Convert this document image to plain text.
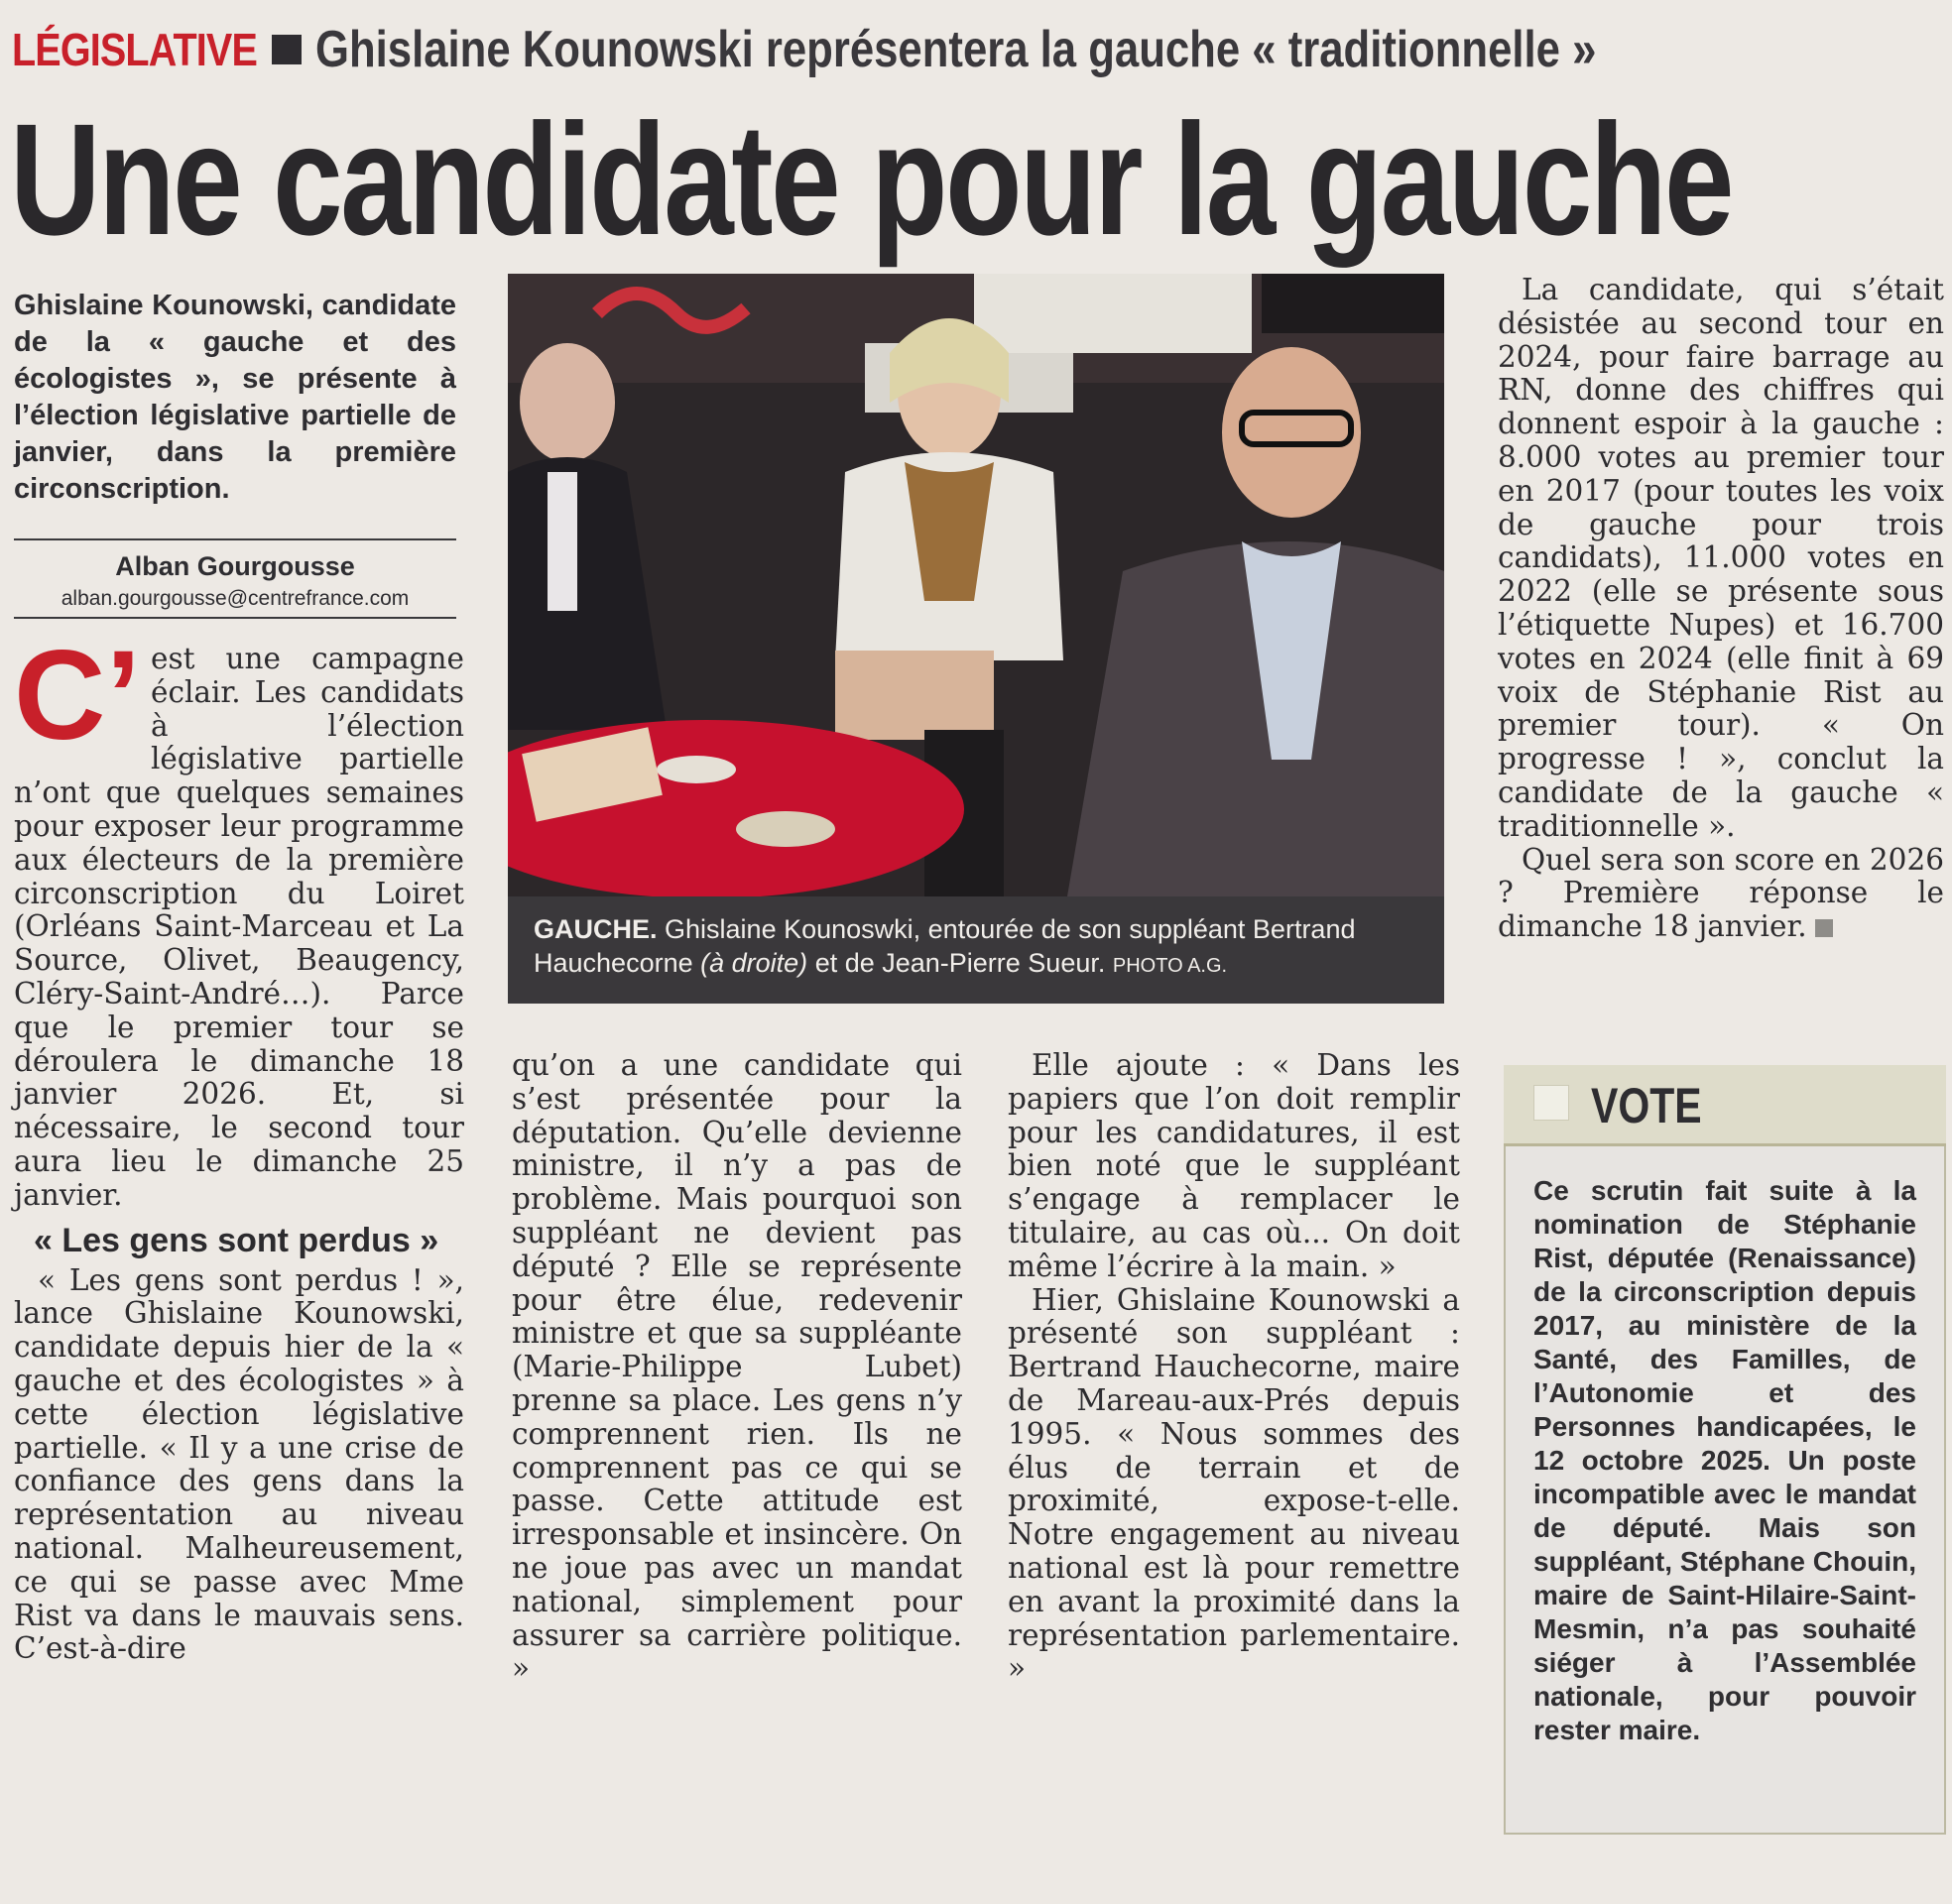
LÉGISLATIVE Ghislaine Kounowski représentera la gauche « traditionnelle »
Une candidate pour la gauche
Ghislaine Kounowski, candidate de la « gauche et des écologistes », se présente à l’élection législative partielle de janvier, dans la première circonscription.
Alban Gourgousse
alban.gourgousse@centrefrance.com
GAUCHE. Ghislaine Kounoswki, entourée de son suppléant Bertrand Hauchecorne (à droite) et de Jean-Pierre Sueur. PHOTO A.G.
C’ est une campagne éclair. Les candidats à l’élection législative partielle n’ont que quelques semaines pour exposer leur programme aux électeurs de la première circonscription du Loiret (Orléans Saint-Marceau et La Source, Olivet, Beaugency, Cléry-Saint-André…). Parce que le premier tour se déroulera le dimanche 18 janvier 2026. Et, si nécessaire, le second tour aura lieu le dimanche 25 janvier.

« Les gens sont perdus »

« Les gens sont perdus ! », lance Ghislaine Kounowski, candidate depuis hier de la « gauche et des écologistes » à cette élection législative partielle. « Il y a une crise de confiance des gens dans la représentation au niveau national. Malheureusement, ce qui se passe avec Mme Rist va dans le mauvais sens. C’est-à-dire

qu’on a une candidate qui s’est présentée pour la députation. Qu’elle devienne ministre, il n’y a pas de problème. Mais pourquoi son suppléant ne devient pas député ? Elle se représente pour être élue, redevenir ministre et que sa suppléante (Marie-Philippe Lubet) prenne sa place. Les gens n’y comprennent rien. Ils ne comprennent pas ce qui se passe. Cette attitude est irresponsable et insincère. On ne joue pas avec un mandat national, simplement pour assurer sa carrière politique. »

Elle ajoute : « Dans les papiers que l’on doit remplir pour les candidatures, il est bien noté que le suppléant s’engage à remplacer le titulaire, au cas où... On doit même l’écrire à la main. »

Hier, Ghislaine Kounowski a présenté son suppléant : Bertrand Hauchecorne, maire de Mareau-aux-Prés depuis 1995. « Nous sommes des élus de terrain et de proximité, expose-t-elle. Notre engagement au niveau national est là pour remettre en avant la proximité dans la représentation parlementaire. »

La candidate, qui s’était désistée au second tour en 2024, pour faire barrage au RN, donne des chiffres qui donnent espoir à la gauche : 8.000 votes au premier tour en 2017 (pour toutes les voix de gauche pour trois candidats), 11.000 votes en 2022 (elle se présente sous l’étiquette Nupes) et 16.700 votes en 2024 (elle finit à 69 voix de Stéphanie Rist au premier tour). « On progresse ! », conclut la candidate de la gauche « traditionnelle ».

Quel sera son score en 2026 ? Première réponse le dimanche 18 janvier.

VOTE
Ce scrutin fait suite à la nomination de Stéphanie Rist, députée (Renaissance) de la circonscription depuis 2017, au ministère de la Santé, des Familles, de l’Autonomie et des Personnes handicapées, le 12 octobre 2025. Un poste incompatible avec le mandat de député. Mais son suppléant, Stéphane Chouin, maire de Saint-Hilaire-Saint-Mesmin, n’a pas souhaité siéger à l’Assemblée nationale, pour pouvoir rester maire.
